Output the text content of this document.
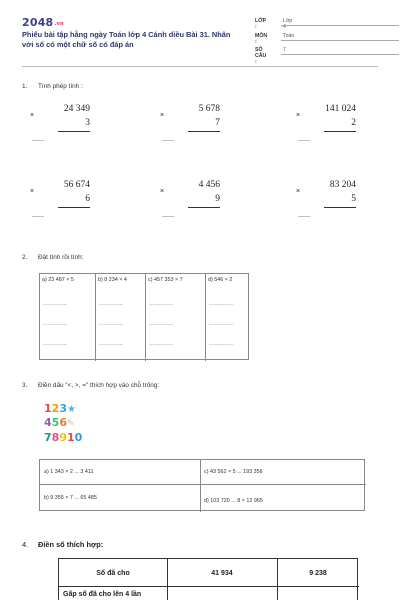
2048.vn
Phiếu bài tập hằng ngày Toán lớp 4 Cánh diều Bài 31. Nhân với số có một chữ số có đáp án
LỚP :
Lớp 4
MÔN :
Toán
SỐ CÂU :
7
1. Tính phép tính :
24 349
×
3
............
5 678
×
7
............
141 024
×
2
............
56 674
×
6
............
4 456
×
9
............
83 204
×
5
............
2. Đặt tính rồi tính:
a) 23 487 × 5
......................
......................
......................
b) 8 234 × 4
......................
......................
......................
c) 457 353 × 7
......................
......................
......................
d) 546 × 2
......................
......................
......................
3. Điền dấu "<, >, =" thích hợp vào chỗ trống:
123★
456✎
78910
a) 1 343 × 2 ... 3 411	c) 43 562 × 5 ... 193 356
b) 9 355 × 7 ... 65 485	d) 103 720 ... 8 × 12 965
4. Điền số thích hợp:
Số đã cho	41 934	9 238
Gấp số đã cho lên 4 lần
